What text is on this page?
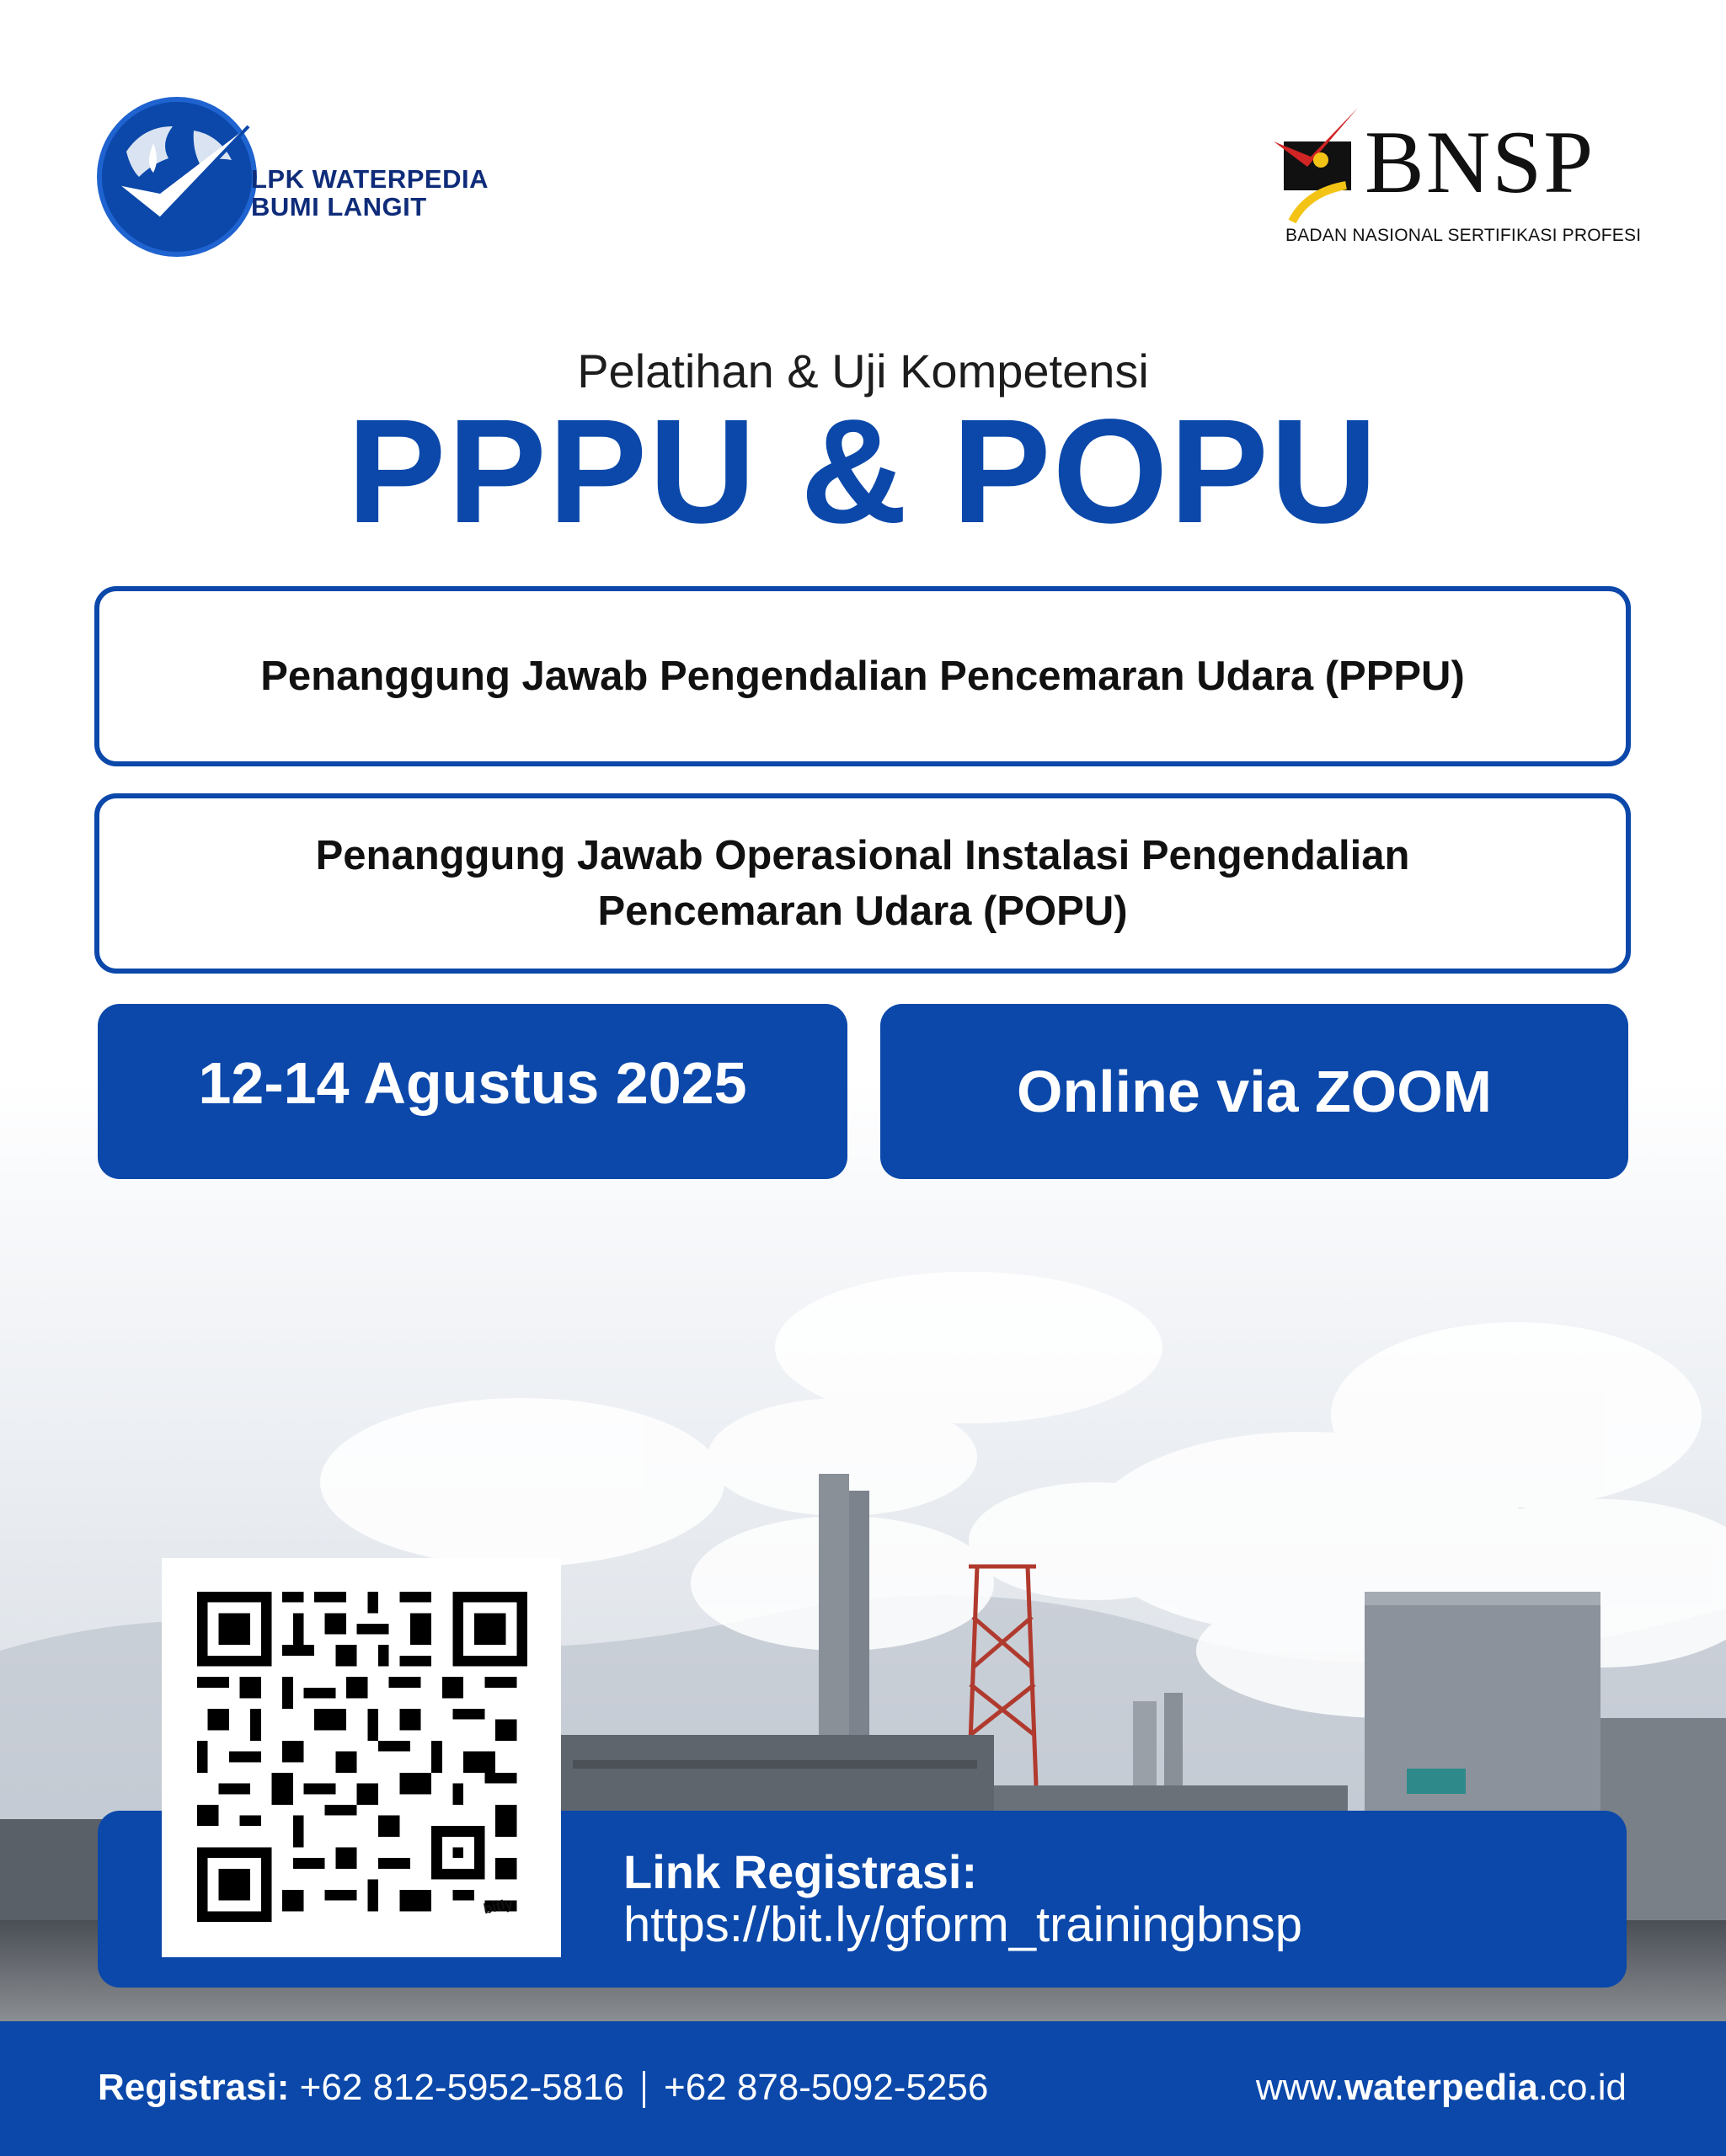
LPK WATERPEDIA
BUMI LANGIT	BNSP
BADAN NASIONAL SERTIFIKASI PROFESI
Pelatihan & Uji Kompetensi
PPPU & POPU
Penanggung Jawab Pengendalian Pencemaran Udara (PPPU)
Penanggung Jawab Operasional Instalasi Pengendalian
Pencemaran Udara (POPU)
12-14 Agustus 2025	Online via ZOOM
Link Registrasi:
https://bit.ly/gform_trainingbnsp
bitly
Registrasi: +62 812-5952-5816 +62 878-5092-5256	www.waterpedia.co.id
